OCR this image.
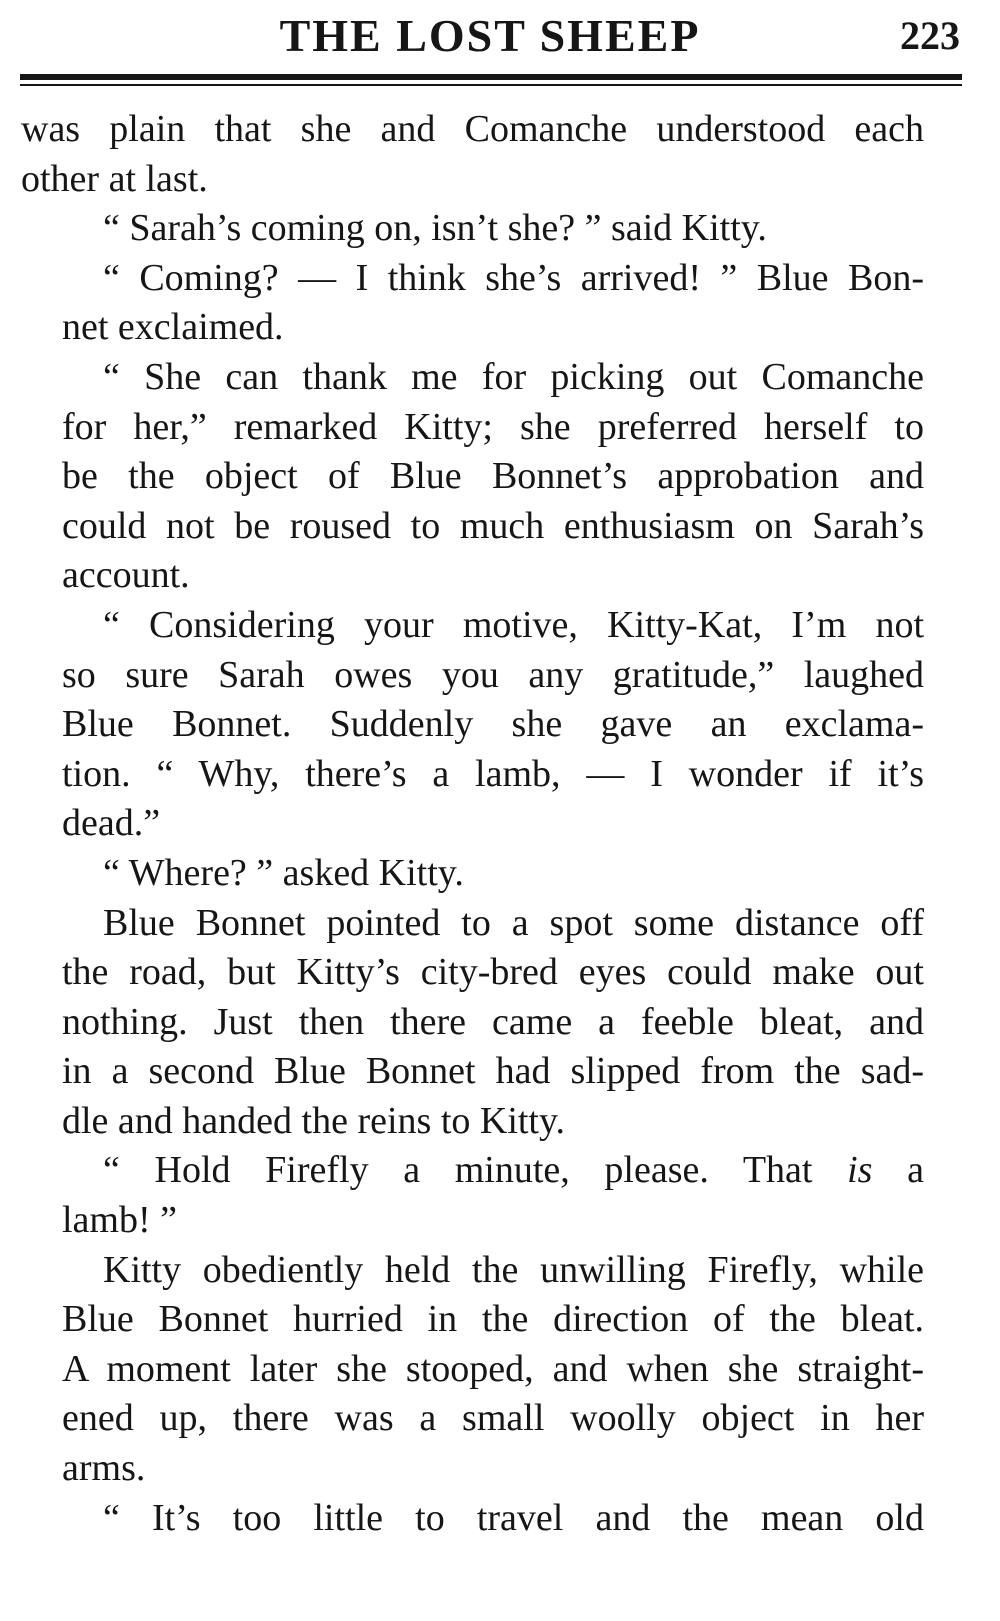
THE LOST SHEEP	223

was plain that she and Comanche understood each
other at last.

“ Sarah’s coming on, isn’t she? ” said Kitty.

“ Coming? — I think she’s arrived! ” Blue Bon-
net exclaimed.

“ She can thank me for picking out Comanche
for her,” remarked Kitty; she preferred herself to
be the object of Blue Bonnet’s approbation and
could not be roused to much enthusiasm on Sarah’s
account.

“ Considering your motive, Kitty-Kat, I’m not
so sure Sarah owes you any gratitude,” laughed
Blue Bonnet. Suddenly she gave an exclama-
tion. “ Why, there’s a lamb, — I wonder if it’s
dead.”

“ Where? ” asked Kitty.

Blue Bonnet pointed to a spot some distance off
the road, but Kitty’s city-bred eyes could make out
nothing. Just then there came a feeble bleat, and
in a second Blue Bonnet had slipped from the sad-
dle and handed the reins to Kitty.

“ Hold Firefly a minute, please. That is a
lamb! ”

Kitty obediently held the unwilling Firefly, while
Blue Bonnet hurried in the direction of the bleat.
A moment later she stooped, and when she straight-
ened up, there was a small woolly object in her
arms.

“ It’s too little to travel and the mean old
